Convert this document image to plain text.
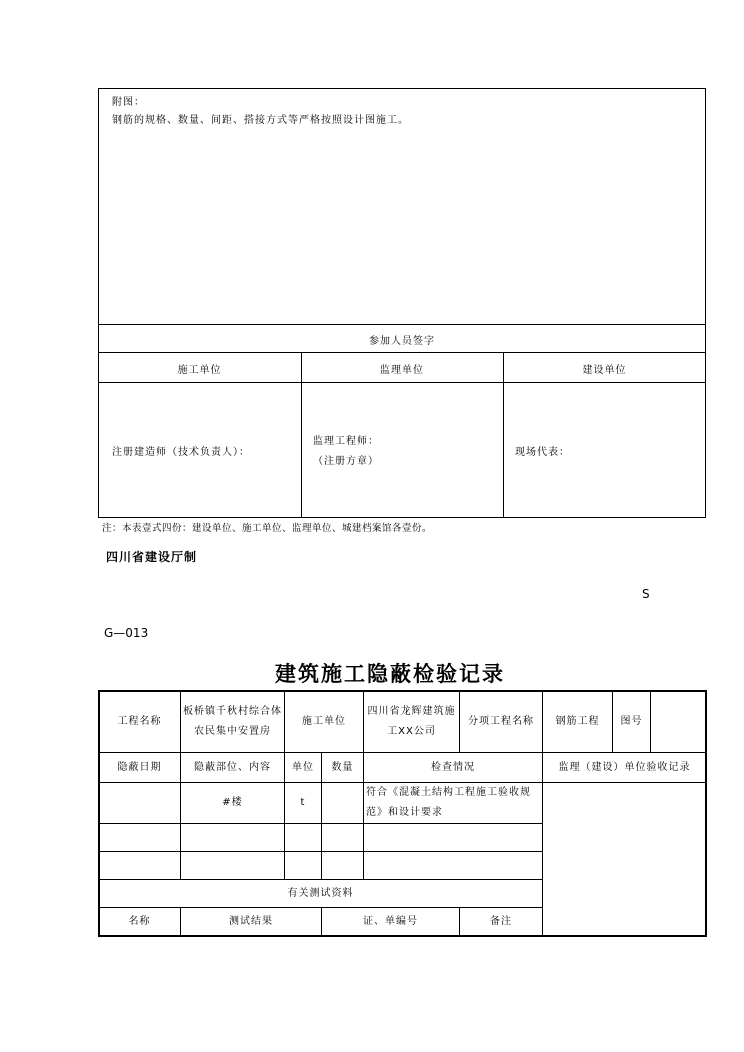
附图：
钢筋的规格、数量、间距、搭接方式等严格按照设计图施工。
参加人员签字
施工单位	监理单位	建设单位
注册建造师（技术负责人）：
监理工程师：
（注册方章）
现场代表：
注：本表壹式四份：建设单位、施工单位、监理单位、城建档案馆各壹份。
四川省建设厅制
S
G—013
建筑施工隐蔽检验记录
工程名称	板桥镇千秋村综合体农民集中安置房	施工单位		四川省龙辉建筑施工XX公司	分项工程名称	钢筋工程	图号	
隐蔽日期	隐蔽部位、内容	单位	数量	检查情况		监理（建设）单位验收记录		
	#楼	t		符合《混凝土结构工程施工验收规范》和设计要求				

有关测试资料								
名称	测试结果		证、单编号		备注			
